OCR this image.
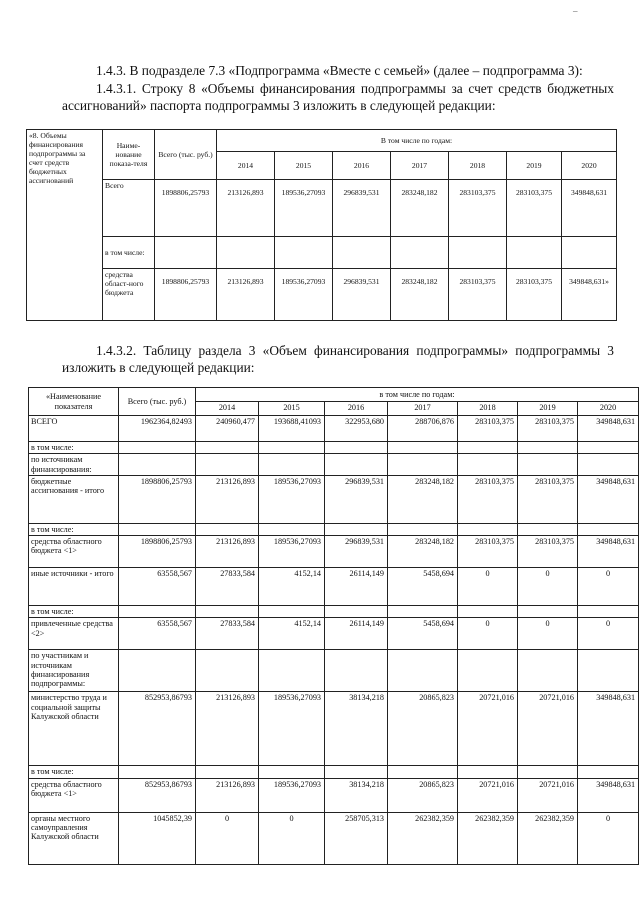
–

1.4.3. В подразделе 7.3 «Подпрограмма «Вместе с семьей» (далее – подпрограмма 3):

1.4.3.1. Строку 8 «Объемы финансирования подпрограммы за счет средств бюджетных ассигнований» паспорта подпрограммы 3 изложить в следующей редакции:

«8. Объемы финансирования подпрограммы за счет средств бюджетных ассигнований	Наиме-нование показа-теля	Всего (тыс. руб.)	В том числе по годам:						
			2014	2015	2016	2017	2018	2019	2020
	Всего	1898806,25793	213126,893	189536,27093	296839,531	283248,182	283103,375	283103,375	349848,631
	в том числе:								
	средства област-ного бюджета	1898806,25793	213126,893	189536,27093	296839,531	283248,182	283103,375	283103,375	349848,631»

1.4.3.2. Таблицу раздела 3 «Объем финансирования подпрограммы» подпрограммы 3 изложить в следующей редакции:

«Наименование показателя	Всего (тыс. руб.)	в том числе по годам:						
		2014	2015	2016	2017	2018	2019	2020
ВСЕГО	1962364,82493	240960,477	193688,41093	322953,680	288706,876	283103,375	283103,375	349848,631
в том числе:								
по источникам финансирования:								
бюджетные ассигнования - итого	1898806,25793	213126,893	189536,27093	296839,531	283248,182	283103,375	283103,375	349848,631
в том числе:								
средства областного бюджета <1>	1898806,25793	213126,893	189536,27093	296839,531	283248,182	283103,375	283103,375	349848,631
иные источники - итого	63558,567	27833,584	4152,14	26114,149	5458,694	0	0	0
в том числе:								
привлеченные средства <2>	63558,567	27833,584	4152,14	26114,149	5458,694	0	0	0
по участникам и источникам финансирования подпрограммы:								
министерство труда и социальной защиты Калужской области	852953,86793	213126,893	189536,27093	38134,218	20865,823	20721,016	20721,016	349848,631
в том числе:								
средства областного бюджета <1>	852953,86793	213126,893	189536,27093	38134,218	20865,823	20721,016	20721,016	349848,631
органы местного самоуправления Калужской области	1045852,39	0	0	258705,313	262382,359	262382,359	262382,359	0
